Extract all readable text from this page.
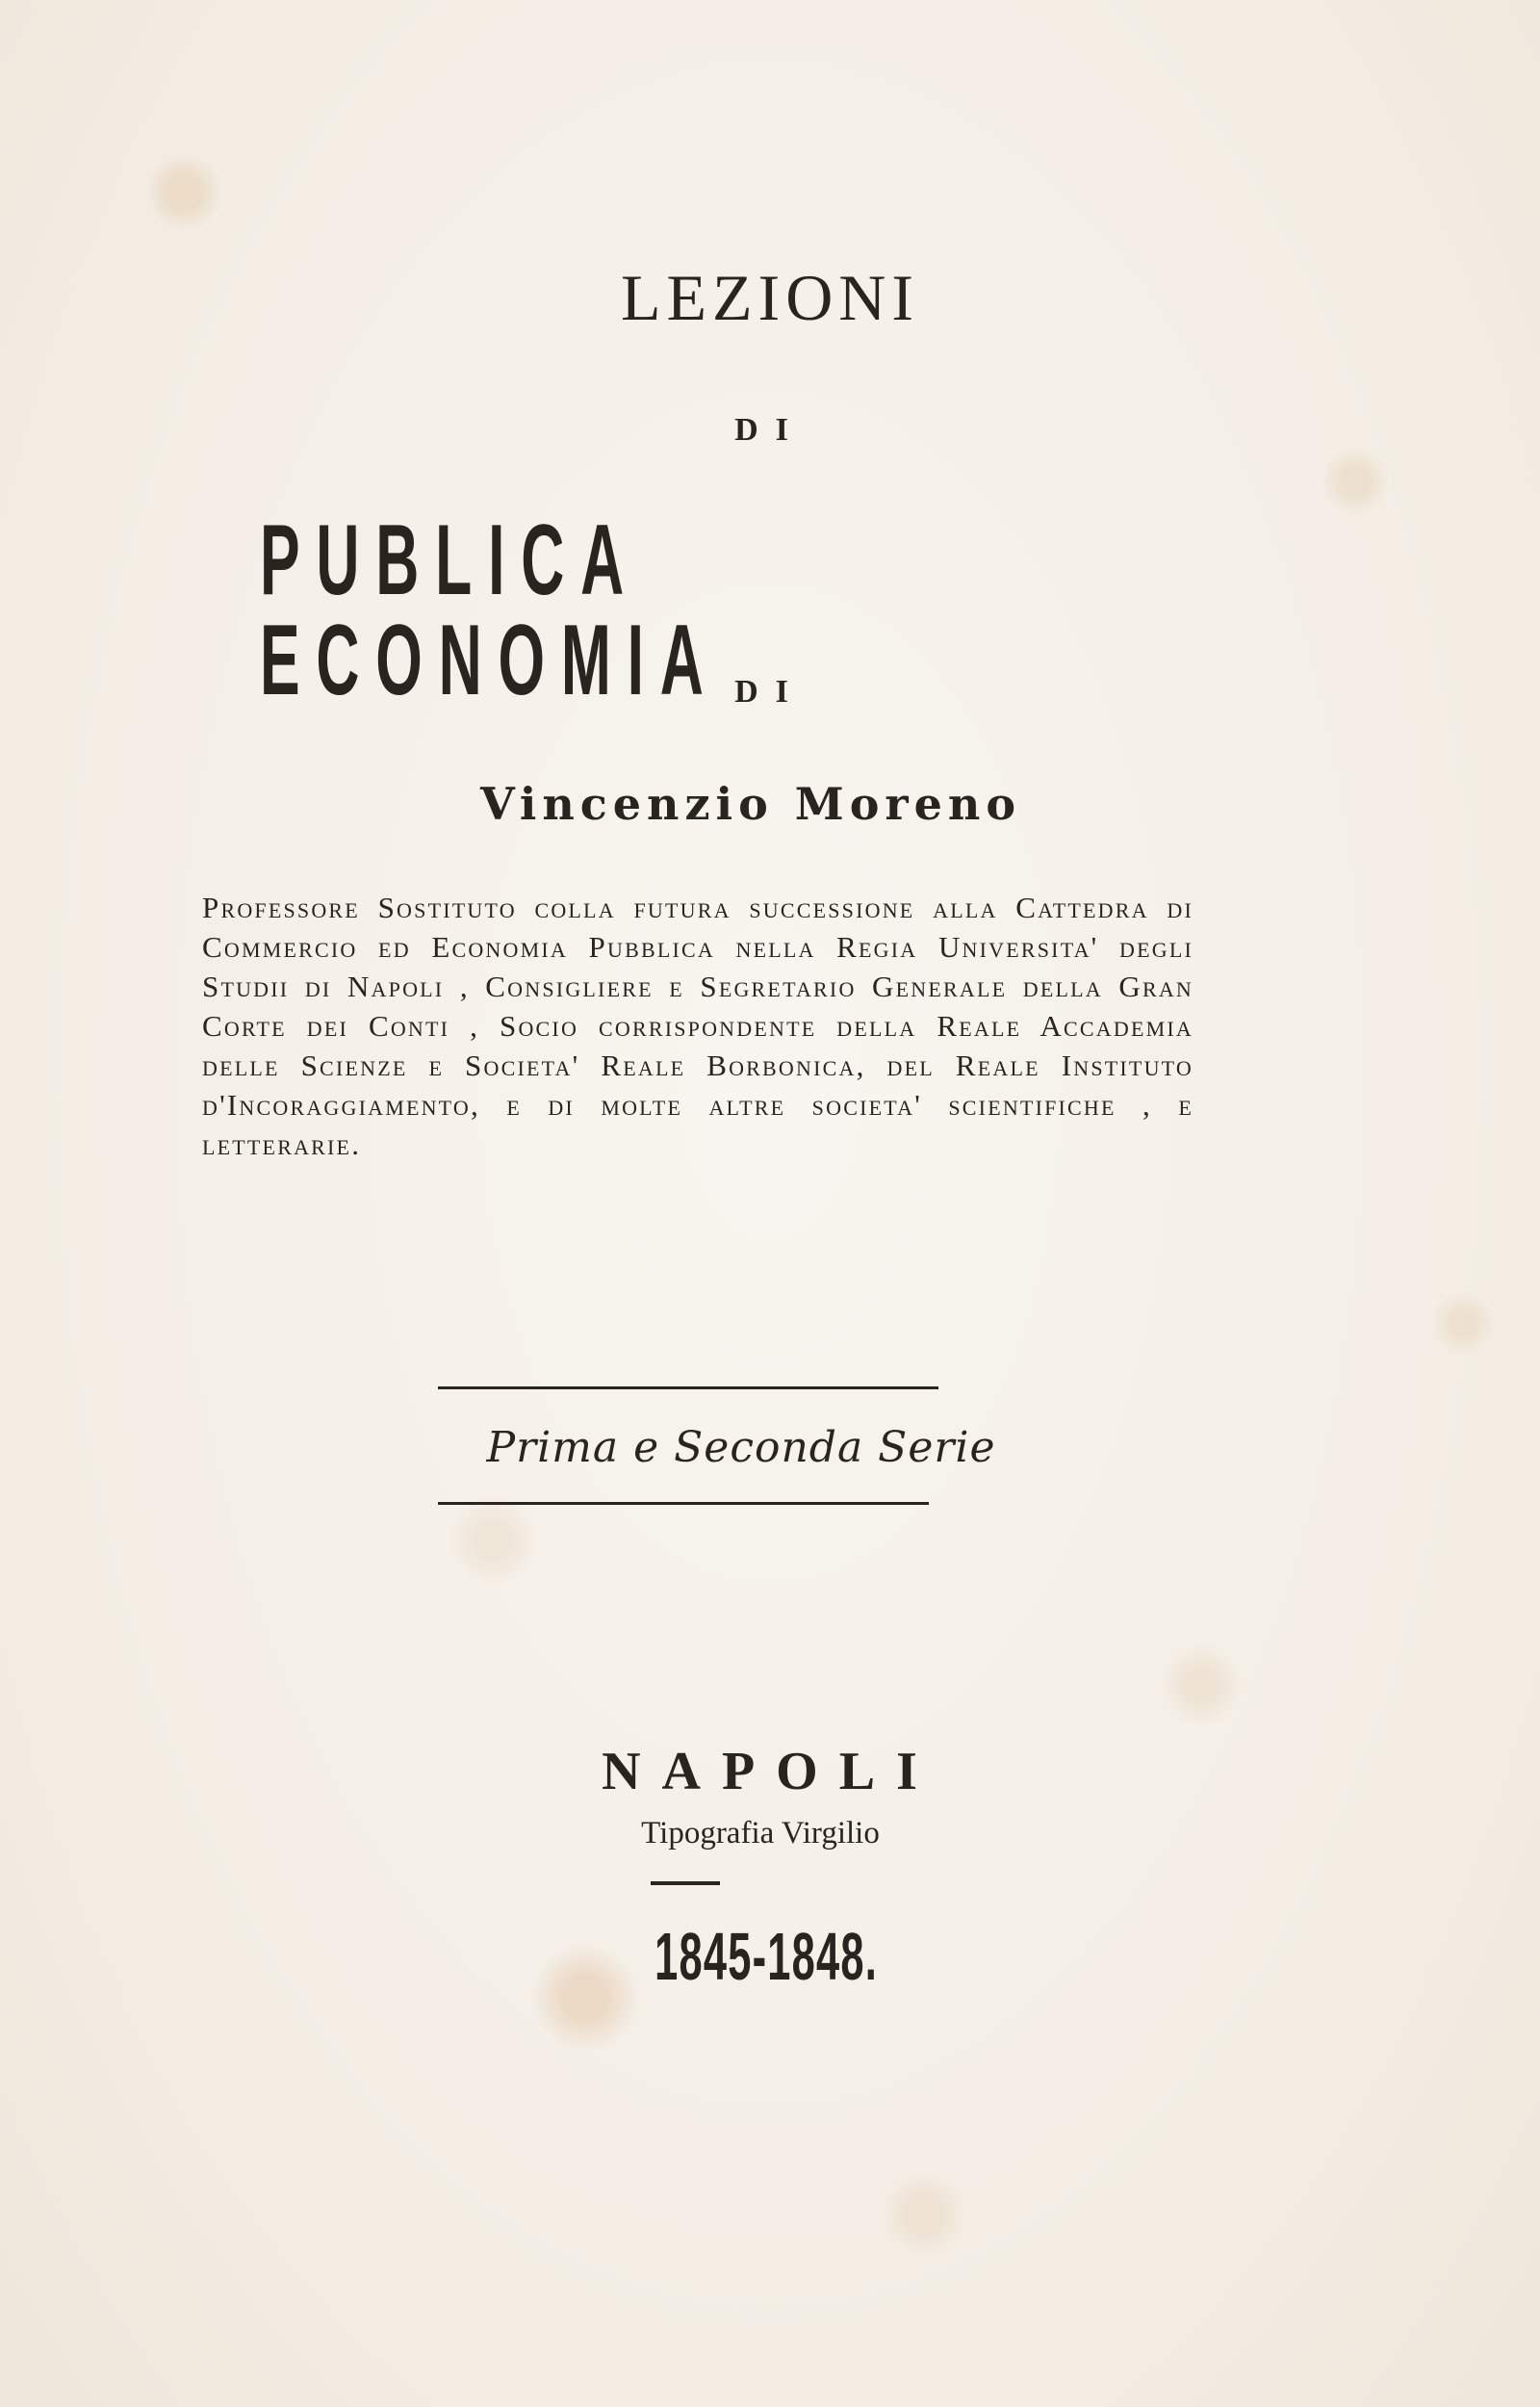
LEZIONI
DI
PUBLICA ECONOMIA DI
Vincenzio Moreno
Professore Sostituto colla futura successione alla Cattedra di Commercio ed Economia Pubblica nella Regia Universita' degli Studii di Napoli , Consigliere e Segretario Generale della Gran Corte dei Conti , Socio corrispondente della Reale Accademia delle Scienze e Societa' Reale Borbonica, del Reale Instituto d'Incoraggiamento, e di molte altre societa' scientifiche , e letterarie.
Prima e Seconda Serie
NAPOLI
Tipografia Virgilio
1845-1848.
